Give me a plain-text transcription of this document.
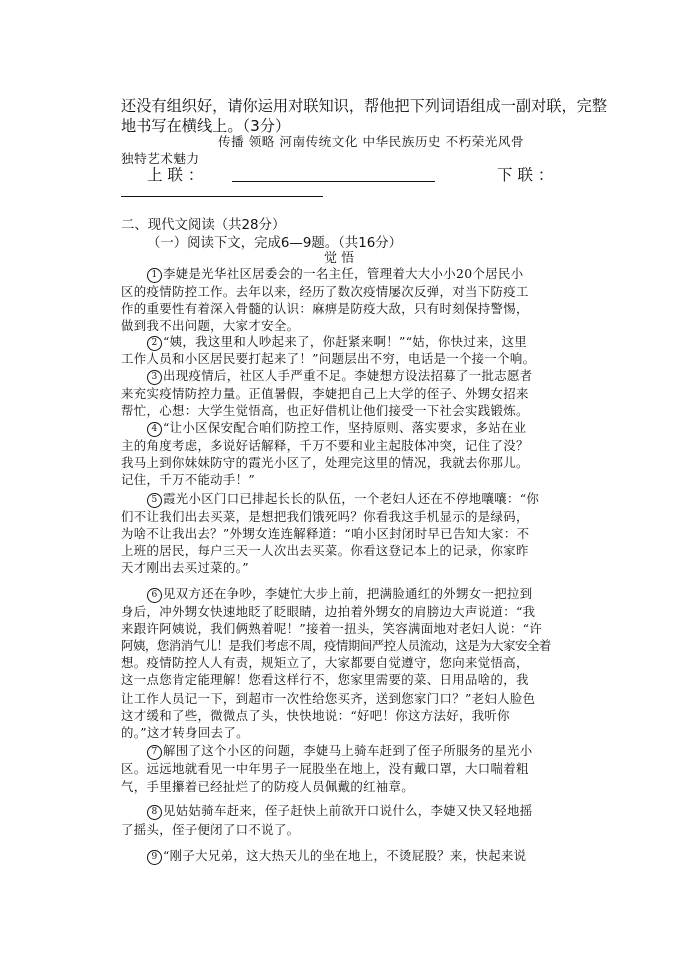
还没有组织好，请你运用对联知识，帮他把下列词语组成一副对联，完整
地书写在横线上。（3分）
传播 领略 河南传统文化 中华民族历史 不朽荣光风骨
独特艺术魅力
上 联 ：	下 联 ：
二、现代文阅读（共28分）
（一）阅读下文，完成6—9题。（共16分）
觉 悟
1 李婕是光华社区居委会的一名主任，管理着大大小小20个居民小
区的疫情防控工作。去年以来，经历了数次疫情屡次反弹，对当下防疫工
作的重要性有着深入骨髓的认识：麻痹是防疫大敌，只有时刻保持警惕，
做到我不出问题，大家才安全。
2 “姨，我这里和人吵起来了，你赶紧来啊！”“姑，你快过来，这里
工作人员和小区居民要打起来了！”问题层出不穷，电话是一个接一个响。
3 出现疫情后，社区人手严重不足。李婕想方设法招募了一批志愿者
来充实疫情防控力量。正值暑假，李婕把自己上大学的侄子、外甥女招来
帮忙，心想：大学生觉悟高，也正好借机让他们接受一下社会实践锻炼。
4 “让小区保安配合咱们防控工作，坚持原则、落实要求，多站在业
主的角度考虑，多说好话解释，千万不要和业主起肢体冲突，记住了没？
我马上到你妹妹防守的霞光小区了，处理完这里的情况，我就去你那儿。
记住，千万不能动手！”
5 霞光小区门口已排起长长的队伍，一个老妇人还在不停地嚷嚷：“你
们不让我们出去买菜，是想把我们饿死吗？你看我这手机显示的是绿码，
为啥不让我出去？”外甥女连连解释道：“咱小区封闭时早已告知大家：不
上班的居民，每户三天一人次出去买菜。你看这登记本上的记录，你家昨
天才刚出去买过菜的。”
6 见双方还在争吵，李婕忙大步上前，把满脸通红的外甥女一把拉到
身后，冲外甥女快速地眨了眨眼睛，边拍着外甥女的肩膀边大声说道：“我
来跟许阿姨说，我们俩熟着呢！”接着一扭头，笑容满面地对老妇人说：“许
阿姨，您消消气儿！是我们考虑不周，疫情期间严控人员流动，这是为大家安全着
想。疫情防控人人有责，规矩立了，大家都要自觉遵守，您向来觉悟高，
这一点您肯定能理解！您看这样行不，您家里需要的菜、日用品啥的，我
让工作人员记一下，到超市一次性给您买齐，送到您家门口？”老妇人脸色
这才缓和了些，微微点了头，快快地说：“好吧！你这方法好，我听你
的。”这才转身回去了。
7 解围了这个小区的问题，李婕马上骑车赶到了侄子所服务的星光小
区。远远地就看见一中年男子一屁股坐在地上，没有戴口罩，大口喘着粗
气，手里攥着已经扯烂了的防疫人员佩戴的红袖章。
8 见姑姑骑车赶来，侄子赶快上前欲开口说什么，李婕又快又轻地摇
了摇头，侄子便闭了口不说了。
9 “刚子大兄弟，这大热天儿的坐在地上，不烫屁股？来，快起来说
